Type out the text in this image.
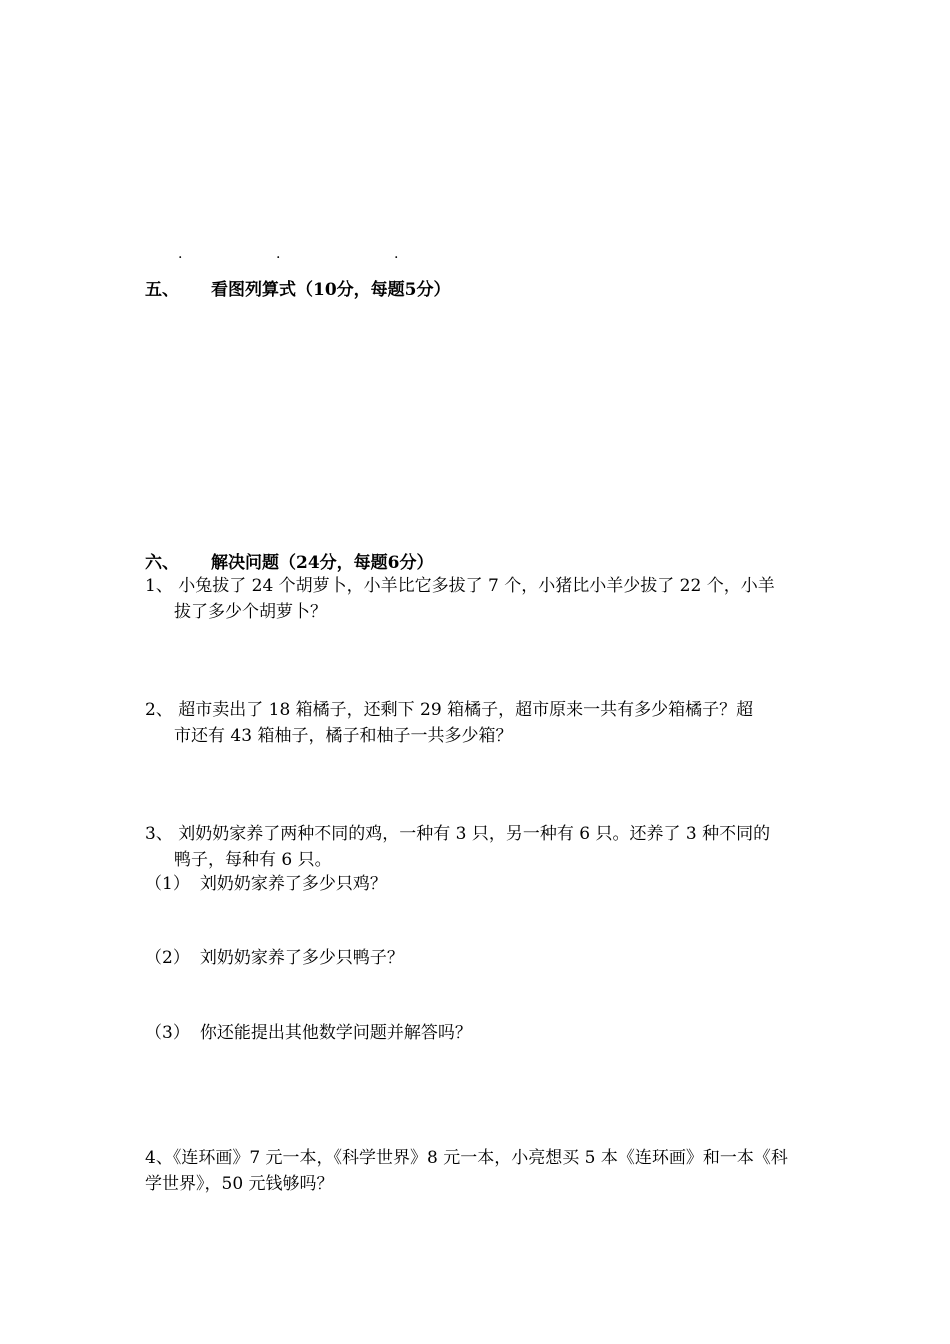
.	.	.
五、 看图列算式（10分，每题5分）
六、 解决问题（24分，每题6分）
1、 小兔拔了 24 个胡萝卜，小羊比它多拔了 7 个，小猪比小羊少拔了 22 个，小羊
拔了多少个胡萝卜？
2、 超市卖出了 18 箱橘子，还剩下 29 箱橘子，超市原来一共有多少箱橘子？超
市还有 43 箱柚子，橘子和柚子一共多少箱？
3、 刘奶奶家养了两种不同的鸡，一种有 3 只，另一种有 6 只。还养了 3 种不同的
鸭子，每种有 6 只。
（1） 刘奶奶家养了多少只鸡？
（2） 刘奶奶家养了多少只鸭子？
（3） 你还能提出其他数学问题并解答吗？
4、《连环画》7 元一本，《科学世界》8 元一本，小亮想买 5 本《连环画》和一本《科
学世界》，50 元钱够吗？
